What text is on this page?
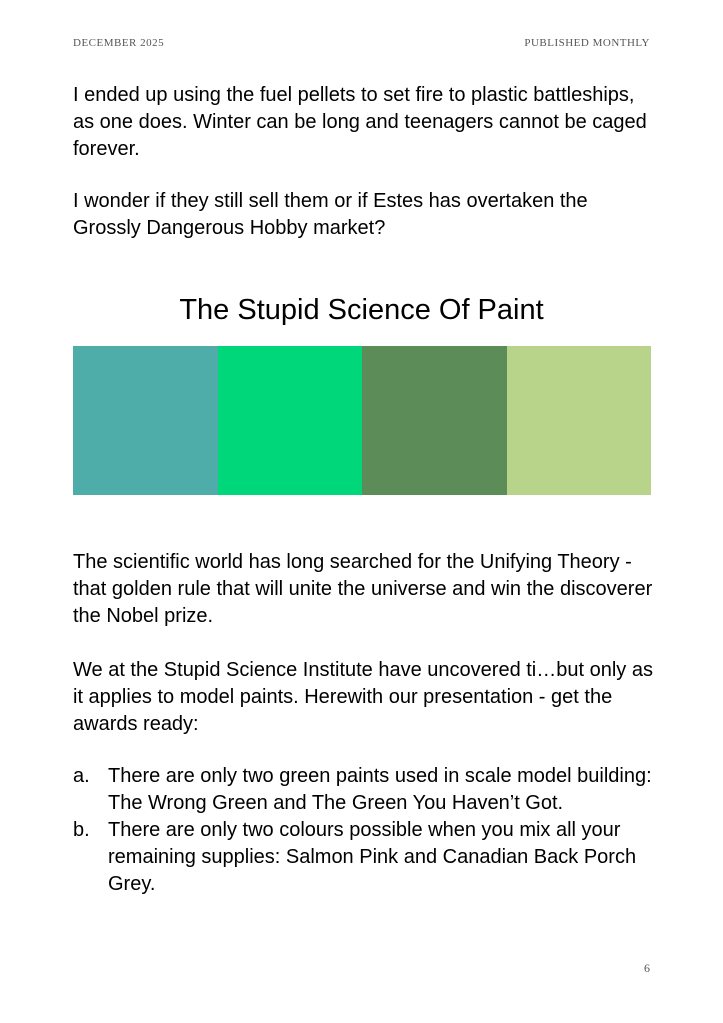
DECEMBER 2025	PUBLISHED MONTHLY

I ended up using the fuel pellets to set fire to plastic battleships, as one does. Winter can be long and teenagers cannot be caged forever.

I wonder if they still sell them or if Estes has overtaken the Grossly Dangerous Hobby market?

The Stupid Science Of Paint

The scientific world has long searched for the Unifying Theory - that golden rule that will unite the universe and win the discoverer the Nobel prize.

We at the Stupid Science Institute have uncovered ti…but only as it applies to model paints. Herewith our presentation - get the awards ready:

a. There are only two green paints used in scale model building: The Wrong Green and The Green You Haven’t Got.
b. There are only two colours possible when you mix all your remaining supplies: Salmon Pink and Canadian Back Porch Grey.
6
